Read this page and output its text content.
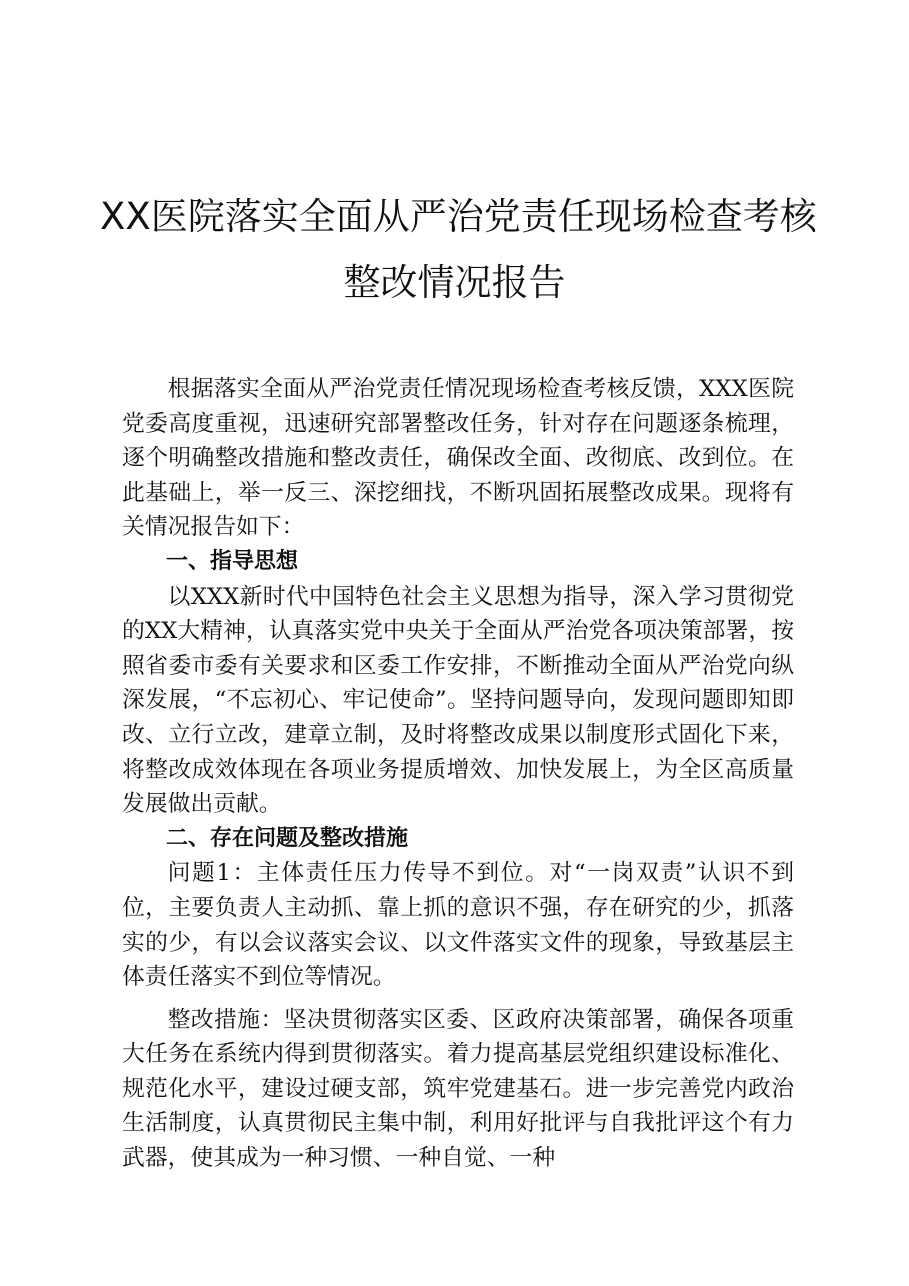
XX医院落实全面从严治党责任现场检查考核
整改情况报告

根据落实全面从严治党责任情况现场检查考核反馈，XXX医院党委高度重视，迅速研究部署整改任务，针对存在问题逐条梳理，逐个明确整改措施和整改责任，确保改全面、改彻底、改到位。在此基础上，举一反三、深挖细找，不断巩固拓展整改成果。现将有关情况报告如下：

一、指导思想

以XXX新时代中国特色社会主义思想为指导，深入学习贯彻党的XX大精神，认真落实党中央关于全面从严治党各项决策部署，按照省委市委有关要求和区委工作安排，不断推动全面从严治党向纵深发展，“不忘初心、牢记使命”。坚持问题导向，发现问题即知即改、立行立改，建章立制，及时将整改成果以制度形式固化下来，将整改成效体现在各项业务提质增效、加快发展上，为全区高质量发展做出贡献。

二、存在问题及整改措施

问题1：主体责任压力传导不到位。对“一岗双责”认识不到位，主要负责人主动抓、靠上抓的意识不强，存在研究的少，抓落实的少，有以会议落实会议、以文件落实文件的现象，导致基层主体责任落实不到位等情况。

整改措施：坚决贯彻落实区委、区政府决策部署，确保各项重大任务在系统内得到贯彻落实。着力提高基层党组织建设标准化、规范化水平，建设过硬支部，筑牢党建基石。进一步完善党内政治生活制度，认真贯彻民主集中制，利用好批评与自我批评这个有力武器，使其成为一种习惯、一种自觉、一种
